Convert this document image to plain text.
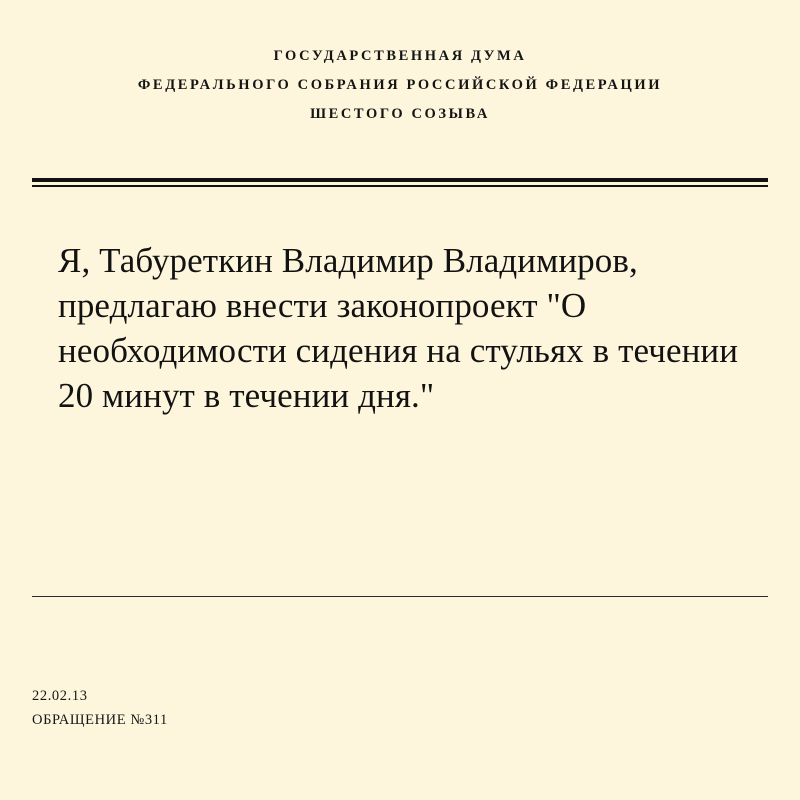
ГОСУДАРСТВЕННАЯ ДУМА
ФЕДЕРАЛЬНОГО СОБРАНИЯ РОССИЙСКОЙ ФЕДЕРАЦИИ
ШЕСТОГО СОЗЫВА
Я, Табуреткин Владимир Владимиров, предлагаю внести законопроект "О необходимости сидения на стульях в течении 20 минут в течении дня."
22.02.13
ОБРАЩЕНИЕ №311
